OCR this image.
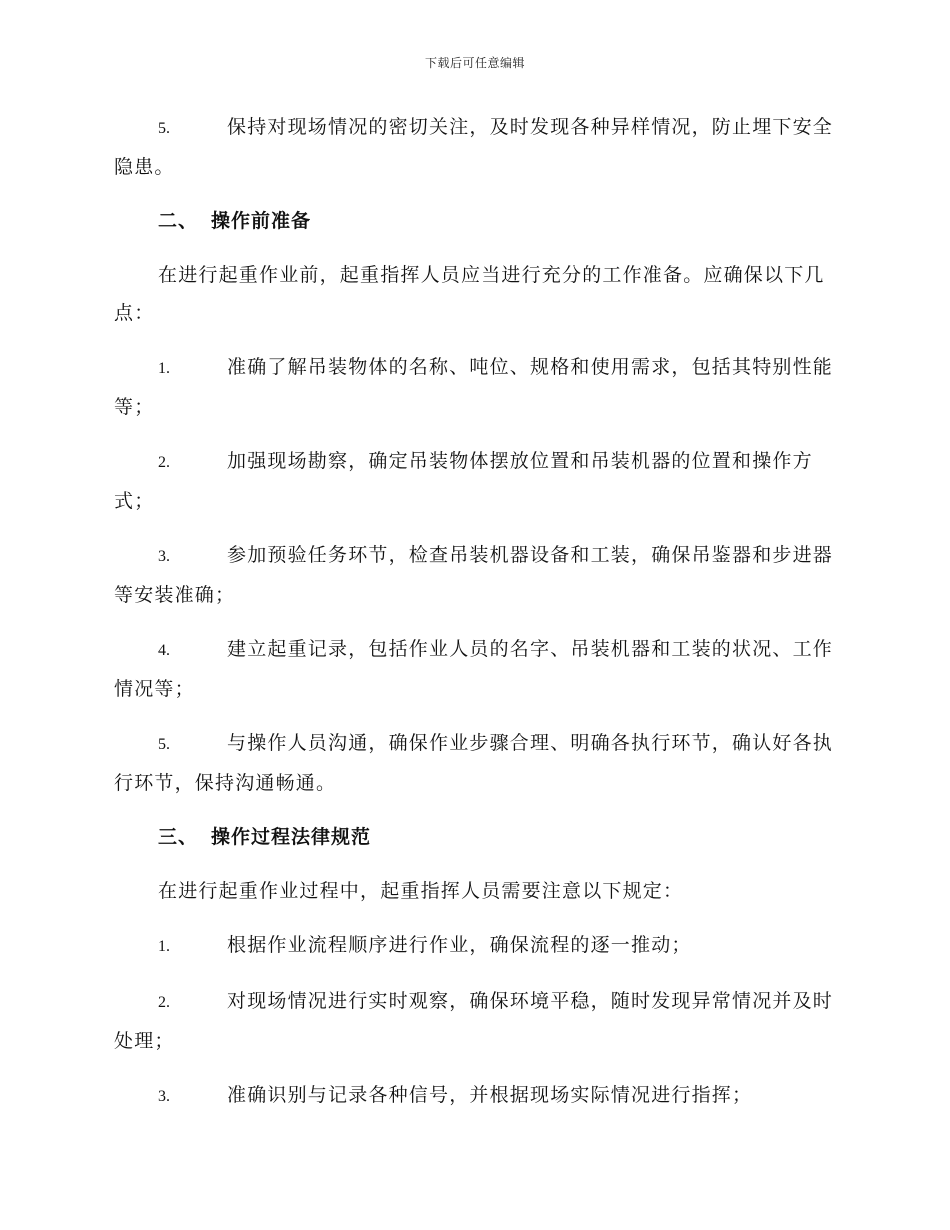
下载后可任意编辑
5.	保持对现场情况的密切关注，及时发现各种异样情况，防止埋下安全隐患。
二、 操作前准备
在进行起重作业前，起重指挥人员应当进行充分的工作准备。应确保以下几点：
1.	准确了解吊装物体的名称、吨位、规格和使用需求，包括其特别性能等；
2.	加强现场勘察，确定吊装物体摆放位置和吊装机器的位置和操作方式；
3.	参加预验任务环节，检查吊装机器设备和工装，确保吊鉴器和步进器等安装准确；
4.	建立起重记录，包括作业人员的名字、吊装机器和工装的状况、工作情况等；
5.	与操作人员沟通，确保作业步骤合理、明确各执行环节，确认好各执行环节，保持沟通畅通。
三、 操作过程法律规范
在进行起重作业过程中，起重指挥人员需要注意以下规定：
1.	根据作业流程顺序进行作业，确保流程的逐一推动；
2.	对现场情况进行实时观察，确保环境平稳，随时发现异常情况并及时处理；
3.	准确识别与记录各种信号，并根据现场实际情况进行指挥；
